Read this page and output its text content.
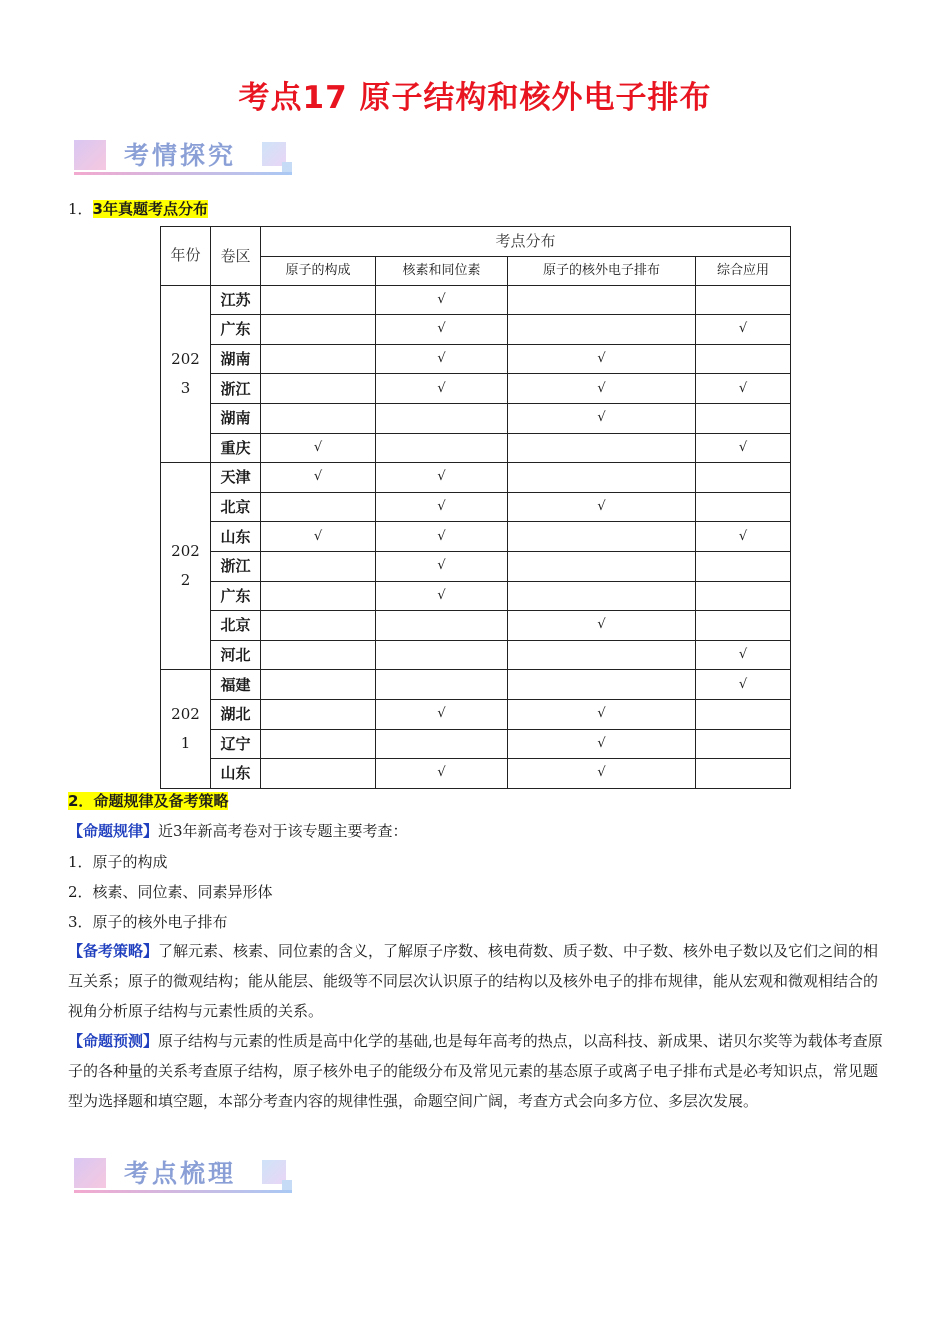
考点17 原子结构和核外电子排布
考情探究
1．3年真题考点分布
年份	卷区	考点分布			
		原子的构成	核素和同位素	原子的核外电子排布	综合应用
2023	江苏		√		
	广东		√		√
	湖南		√	√	
	浙江		√	√	√
	湖南			√	
	重庆	√			√
2022	天津	√	√		
	北京		√	√	
	山东	√	√		√
	浙江		√		
	广东		√		
	北京			√	
	河北				√
2021	福建				√
	湖北		√	√	
	辽宁			√	
	山东		√	√	
2．命题规律及备考策略
【命题规律】近3年新高考卷对于该专题主要考查：
1．原子的构成
2．核素、同位素、同素异形体
3．原子的核外电子排布
【备考策略】了解元素、核素、同位素的含义，了解原子序数、核电荷数、质子数、中子数、核外电子数以及它们之间的相互关系；原子的微观结构；能从能层、能级等不同层次认识原子的结构以及核外电子的排布规律，能从宏观和微观相结合的视角分析原子结构与元素性质的关系。
【命题预测】原子结构与元素的性质是高中化学的基础,也是每年高考的热点，以高科技、新成果、诺贝尔奖等为载体考查原子的各种量的关系考查原子结构，原子核外电子的能级分布及常见元素的基态原子或离子电子排布式是必考知识点，常见题型为选择题和填空题，本部分考查内容的规律性强，命题空间广阔，考查方式会向多方位、多层次发展。
考点梳理
